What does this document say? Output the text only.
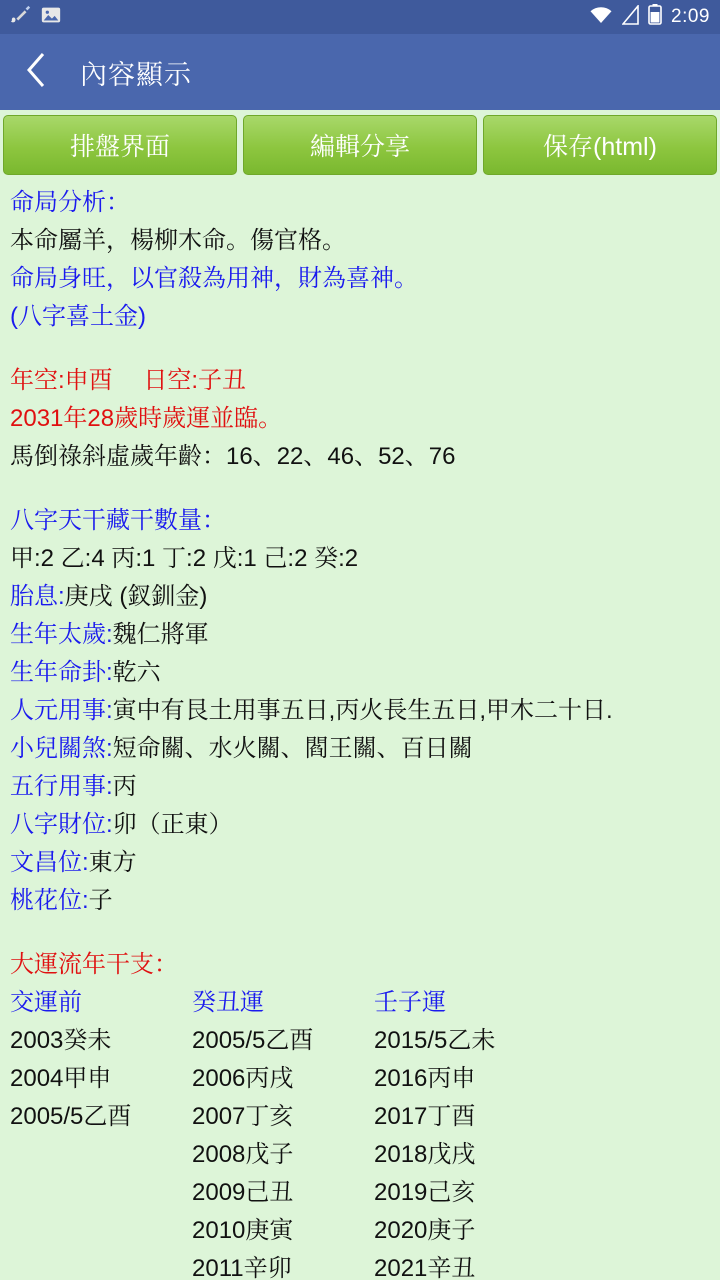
2:09
內容顯示
排盤界面	編輯分享	保存(html)
命局分析：
本命屬羊，楊柳木命。傷官格。
命局身旺，以官殺為用神，財為喜神。
(八字喜土金)
年空:申酉　 日空:子丑
2031年28歲時歲運並臨。
馬倒祿斜虛歲年齡：16、22、46、52、76
八字天干藏干數量：
甲:2 乙:4 丙:1 丁:2 戊:1 己:2 癸:2
胎息:庚戌 (釵釧金)
生年太歲:魏仁將軍
生年命卦:乾六
人元用事:寅中有艮土用事五日,丙火長生五日,甲木二十日.
小兒關煞:短命關、水火關、閻王關、百日關
五行用事:丙
八字財位:卯（正東）
文昌位:東方
桃花位:子
大運流年干支：
交運前
2003癸未
2004甲申
2005/5乙酉
癸丑運
2005/5乙酉
2006丙戌
2007丁亥
2008戊子
2009己丑
2010庚寅
2011辛卯
壬子運
2015/5乙未
2016丙申
2017丁酉
2018戊戌
2019己亥
2020庚子
2021辛丑
